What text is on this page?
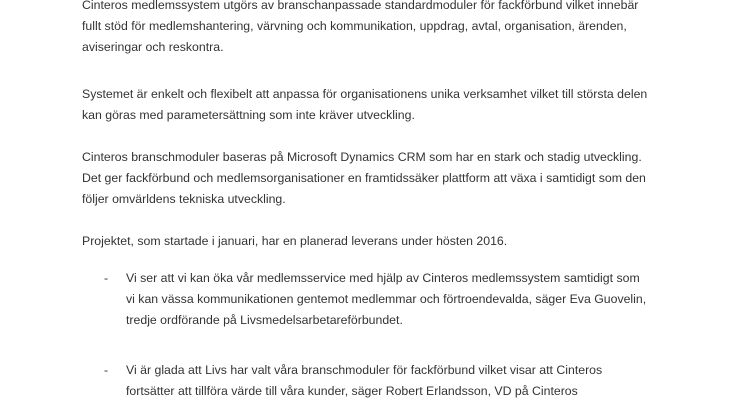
Cinteros medlemssystem utgörs av branschanpassade standardmoduler för fackförbund vilket innebär
fullt stöd för medlemshantering, värvning och kommunikation, uppdrag, avtal, organisation, ärenden,
aviseringar och reskontra.

Systemet är enkelt och flexibelt att anpassa för organisationens unika verksamhet vilket till största delen
kan göras med parametersättning som inte kräver utveckling.

Cinteros branschmoduler baseras på Microsoft Dynamics CRM som har en stark och stadig utveckling.
Det ger fackförbund och medlemsorganisationer en framtidssäker plattform att växa i samtidigt som den
följer omvärldens tekniska utveckling.

Projektet, som startade i januari, har en planerad leverans under hösten 2016.

- Vi ser att vi kan öka vår medlemsservice med hjälp av Cinteros medlemssystem samtidigt som
vi kan vässa kommunikationen gentemot medlemmar och förtroendevalda, säger Eva Guovelin,
tredje ordförande på Livsmedelsarbetareförbundet.
- Vi är glada att Livs har valt våra branschmoduler för fackförbund vilket visar att Cinteros
fortsätter att tillföra värde till våra kunder, säger Robert Erlandsson, VD på Cinteros
